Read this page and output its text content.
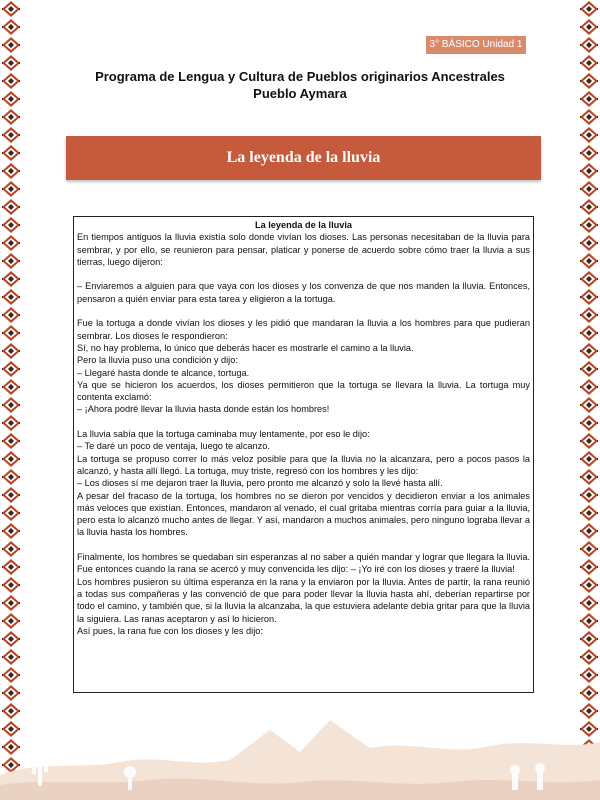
3° BÁSICO Unidad 1
Programa de Lengua y Cultura de Pueblos originarios Ancestrales
Pueblo Aymara
La leyenda de la lluvia
La leyenda de la lluvia

En tiempos antiguos la lluvia existía solo donde vivían los dioses. Las personas necesitaban de la lluvia para sembrar, y por ello, se reunieron para pensar, platicar y ponerse de acuerdo sobre cómo traer la lluvia a sus tierras, luego dijeron:

– Enviaremos a alguien para que vaya con los dioses y los convenza de que nos manden la lluvia. Entonces, pensaron a quién enviar para esta tarea y eligieron a la tortuga.

Fue la tortuga a donde vivían los dioses y les pidió que mandaran la lluvia a los hombres para que pudieran sembrar. Los dioses le respondieron:

Sí, no hay problema, lo único que deberás hacer es mostrarle el camino a la lluvia.

Pero la lluvia puso una condición y dijo:

– Llegaré hasta donde te alcance, tortuga.

Ya que se hicieron los acuerdos, los dioses permitieron que la tortuga se llevara la lluvia. La tortuga muy contenta exclamó:

– ¡Ahora podré llevar la lluvia hasta donde están los hombres!

La lluvia sabía que la tortuga caminaba muy lentamente, por eso le dijo:

– Te daré un poco de ventaja, luego te alcanzo.

La tortuga se propuso correr lo más veloz posible para que la lluvia no la alcanzara, pero a pocos pasos la alcanzó, y hasta allí llegó. La tortuga, muy triste, regresó con los hombres y les dijo:

– Los dioses sí me dejaron traer la lluvia, pero pronto me alcanzó y solo la llevé hasta allí.

A pesar del fracaso de la tortuga, los hombres no se dieron por vencidos y decidieron enviar a los animales más veloces que existían. Entonces, mandaron al venado, el cual gritaba mientras corría para guiar a la lluvia, pero esta lo alcanzó mucho antes de llegar. Y así, mandaron a muchos animales, pero ninguno lograba llevar a la lluvia hasta los hombres.

Finalmente, los hombres se quedaban sin esperanzas al no saber a quién mandar y lograr que llegara la lluvia. Fue entonces cuando la rana se acercó y muy convencida les dijo: – ¡Yo iré con los dioses y traeré la lluvia!

Los hombres pusieron su última esperanza en la rana y la enviaron por la lluvia. Antes de partir, la rana reunió a todas sus compañeras y las convenció de que para poder llevar la lluvia hasta ahí, deberían repartirse por todo el camino, y también que, si la lluvia la alcanzaba, la que estuviera adelante debía gritar para que la lluvia la siguiera. Las ranas aceptaron y así lo hicieron.

Así pues, la rana fue con los dioses y les dijo:
